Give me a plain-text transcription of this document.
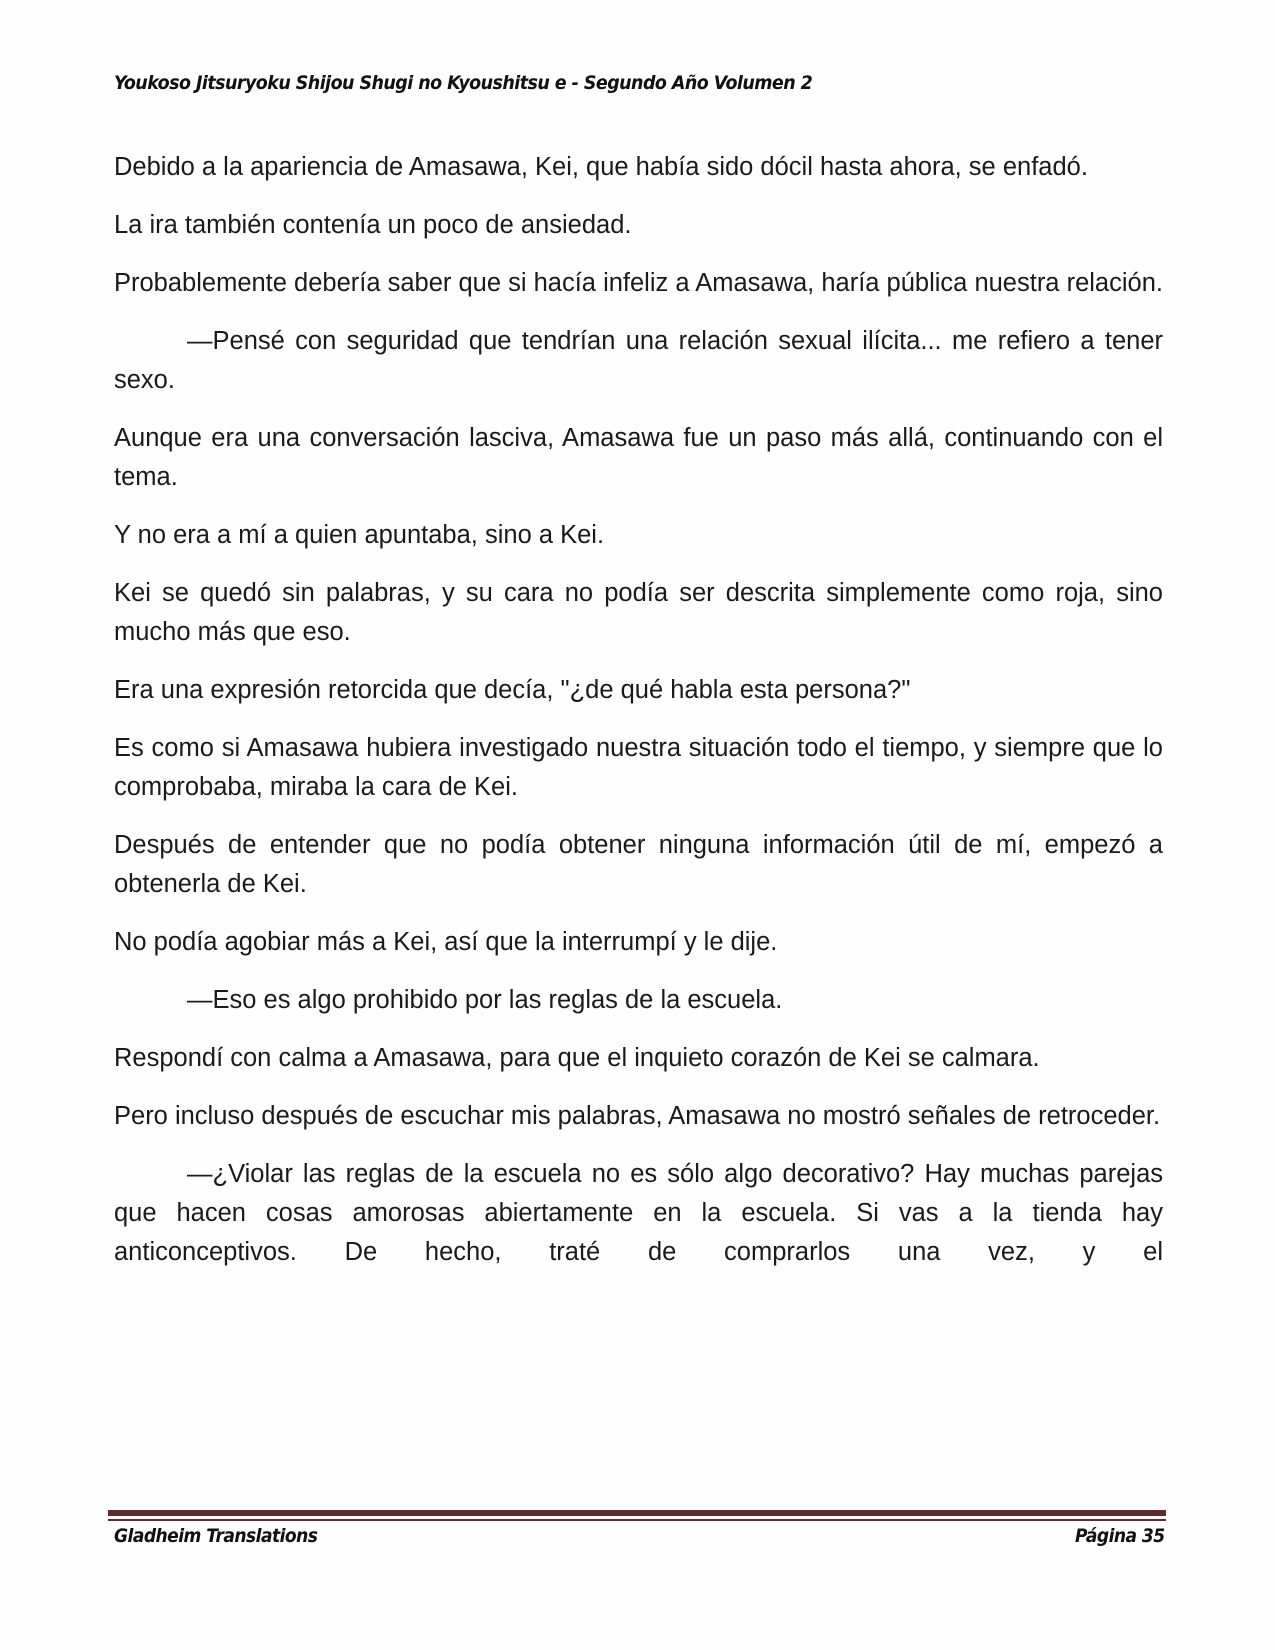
Youkoso Jitsuryoku Shijou Shugi no Kyoushitsu e - Segundo Año Volumen 2

Debido a la apariencia de Amasawa, Kei, que había sido dócil hasta ahora, se enfadó.

La ira también contenía un poco de ansiedad.

Probablemente debería saber que si hacía infeliz a Amasawa, haría pública nuestra relación.

—Pensé con seguridad que tendrían una relación sexual ilícita... me refiero a tener sexo.

Aunque era una conversación lasciva, Amasawa fue un paso más allá, continuando con el tema.

Y no era a mí a quien apuntaba, sino a Kei.

Kei se quedó sin palabras, y su cara no podía ser descrita simplemente como roja, sino mucho más que eso.

Era una expresión retorcida que decía, "¿de qué habla esta persona?"

Es como si Amasawa hubiera investigado nuestra situación todo el tiempo, y siempre que lo comprobaba, miraba la cara de Kei.

Después de entender que no podía obtener ninguna información útil de mí, empezó a obtenerla de Kei.

No podía agobiar más a Kei, así que la interrumpí y le dije.

—Eso es algo prohibido por las reglas de la escuela.

Respondí con calma a Amasawa, para que el inquieto corazón de Kei se calmara.

Pero incluso después de escuchar mis palabras, Amasawa no mostró señales de retroceder.

—¿Violar las reglas de la escuela no es sólo algo decorativo? Hay muchas parejas que hacen cosas amorosas abiertamente en la escuela. Si vas a la tienda hay anticonceptivos. De hecho, traté de comprarlos una vez, y el

Gladheim Translations	Página 35
